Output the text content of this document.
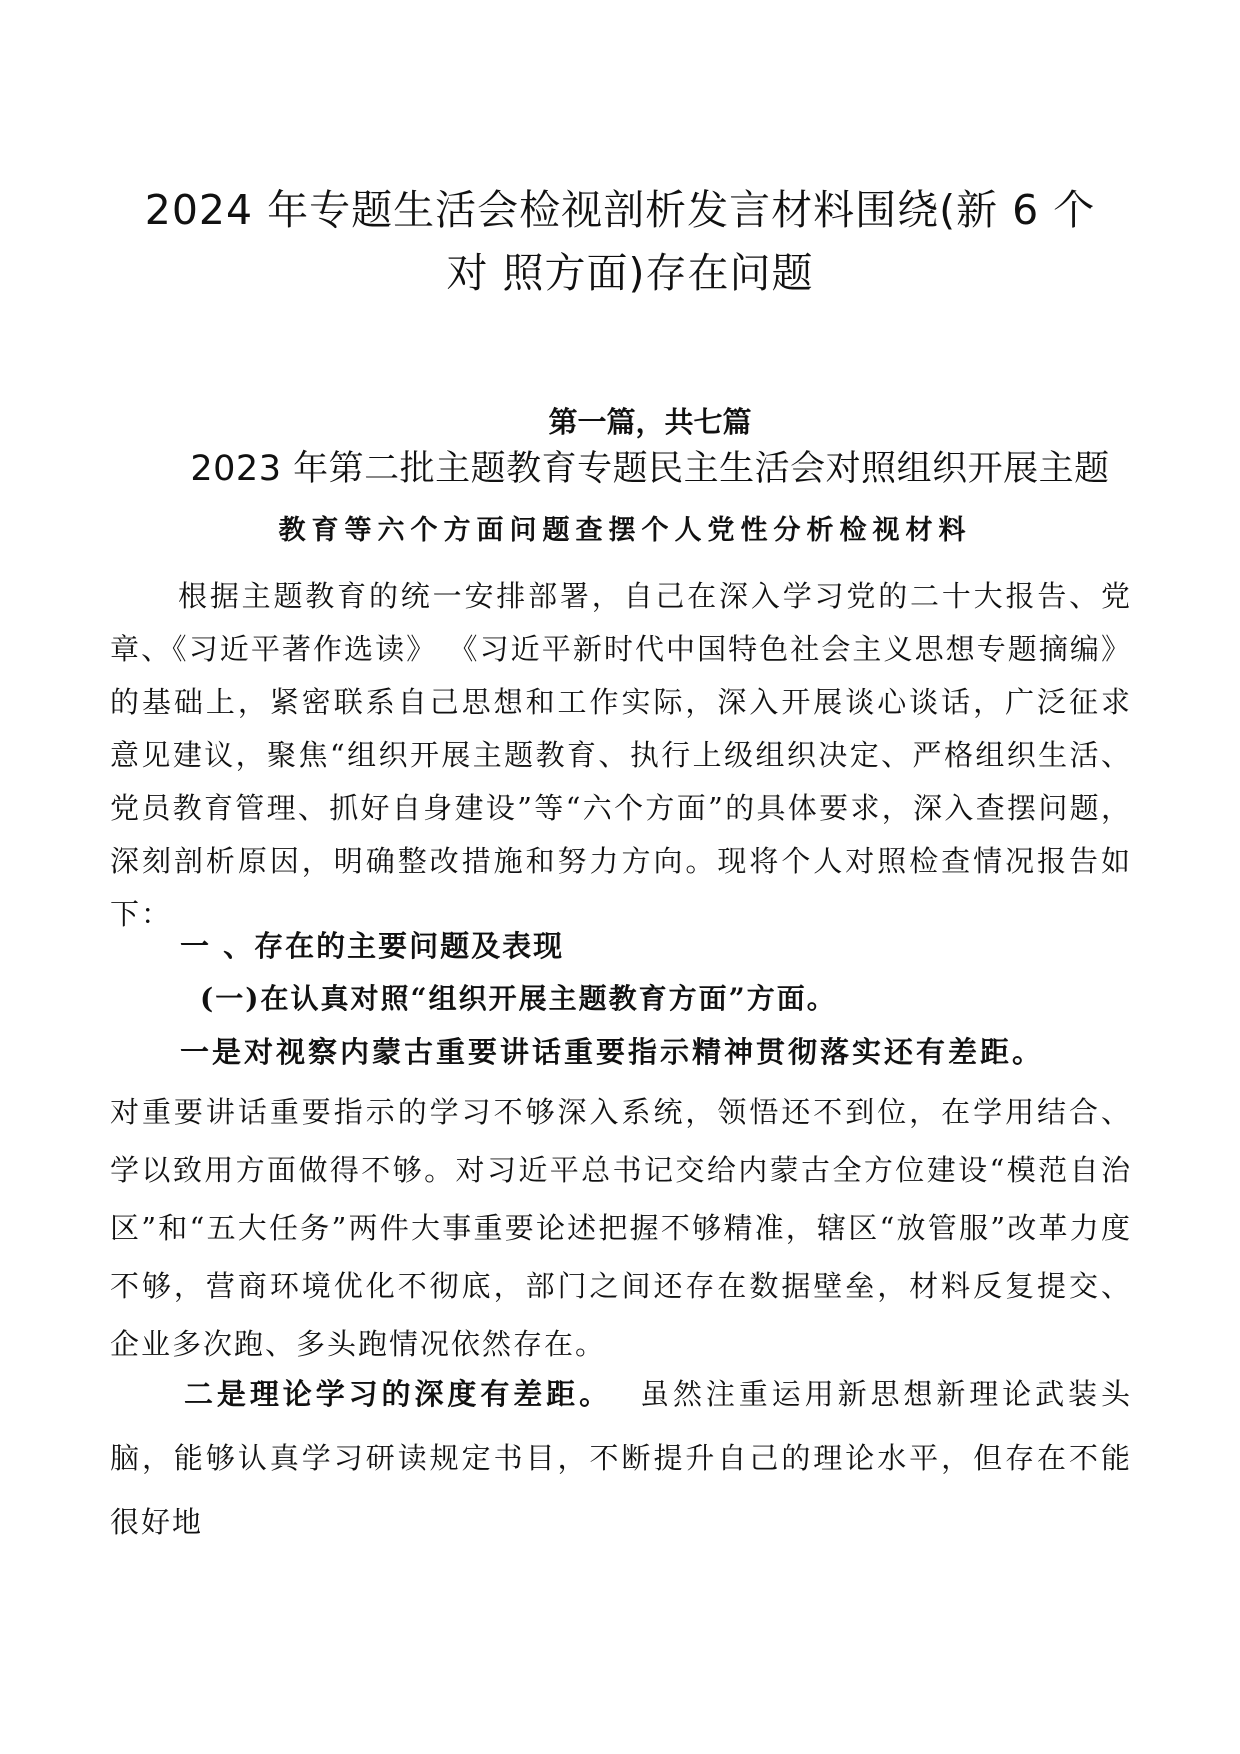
2024 年专题生活会检视剖析发言材料围绕(新 6 个
对 照方面)存在问题

第一篇，共七篇

2023 年第二批主题教育专题民主生活会对照组织开展主题

教育等六个方面问题查摆个人党性分析检视材料

根据主题教育的统一安排部署，自己在深入学习党的二十大报告、党章、《习近平著作选读》 《习近平新时代中国特色社会主义思想专题摘编》的基础上，紧密联系自己思想和工作实际，深入开展谈心谈话，广泛征求意见建议，聚焦“组织开展主题教育、执行上级组织决定、严格组织生活、党员教育管理、抓好自身建设”等“六个方面”的具体要求，深入查摆问题，深刻剖析原因，明确整改措施和努力方向。现将个人对照检查情况报告如下：

一 、存在的主要问题及表现
(一)在认真对照“组织开展主题教育方面”方面。
一是对视察内蒙古重要讲话重要指示精神贯彻落实还有差距。

对重要讲话重要指示的学习不够深入系统，领悟还不到位，在学用结合、学以致用方面做得不够。对习近平总书记交给内蒙古全方位建设“模范自治区”和“五大任务”两件大事重要论述把握不够精准，辖区“放管服”改革力度不够，营商环境优化不彻底，部门之间还存在数据壁垒，材料反复提交、企业多次跑、多头跑情况依然存在。

二是理论学习的深度有差距。 虽然注重运用新思想新理论武装头脑，能够认真学习研读规定书目，不断提升自己的理论水平，但存在不能很好地
